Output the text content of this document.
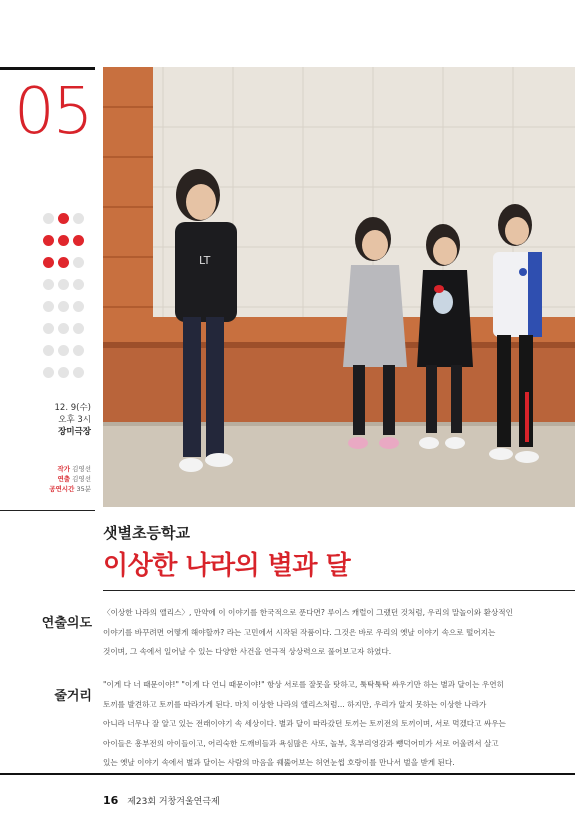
05
12. 9(수)
오후 3시
장미극장
작가 김영선
연출 김영선
공연시간 35분
LT
샛별초등학교
이상한 나라의 별과 달
연출의도
〈이상한 나라의 앨리스〉, 만약에 이 이야기를 한국적으로 푼다면? 루이스 캐럴이 그랬던 것처럼, 우리의 말놀이와 환상적인
이야기를 바꾸려면 어떻게 해야할까? 라는 고민에서 시작된 작품이다. 그것은 바로 우리의 옛날 이야기 속으로 떨어지는
것이며, 그 속에서 일어날 수 있는 다양한 사건을 연극적 상상력으로 풀어보고자 하였다.
줄거리
"이게 다 너 때문이야!" "이게 다 언니 때문이야!" 항상 서로를 잘못을 탓하고, 툭탁툭탁 싸우기만 하는 별과 달이는 우연히
토끼를 발견하고 토끼를 따라가게 된다. 마치 이상한 나라의 앨리스처럼... 하지만, 우리가 알지 못하는 이상한 나라가
아니라 너무나 잘 알고 있는 전래이야기 속 세상이다. 별과 달이 따라갔던 토끼는 토끼전의 토끼이며, 서로 먹겠다고 싸우는
아이들은 흥부전의 아이들이고, 어리숙한 도깨비들과 욕심많은 사또, 놀부, 혹부리영감과 뺑덕어미가 서로 어울려서 살고
있는 옛날 이야기 속에서 별과 달이는 사람의 마음을 꿰뚫어보는 허연눈썹 호랑이를 만나서 벌을 받게 된다.
16 제23회 거창겨울연극제
